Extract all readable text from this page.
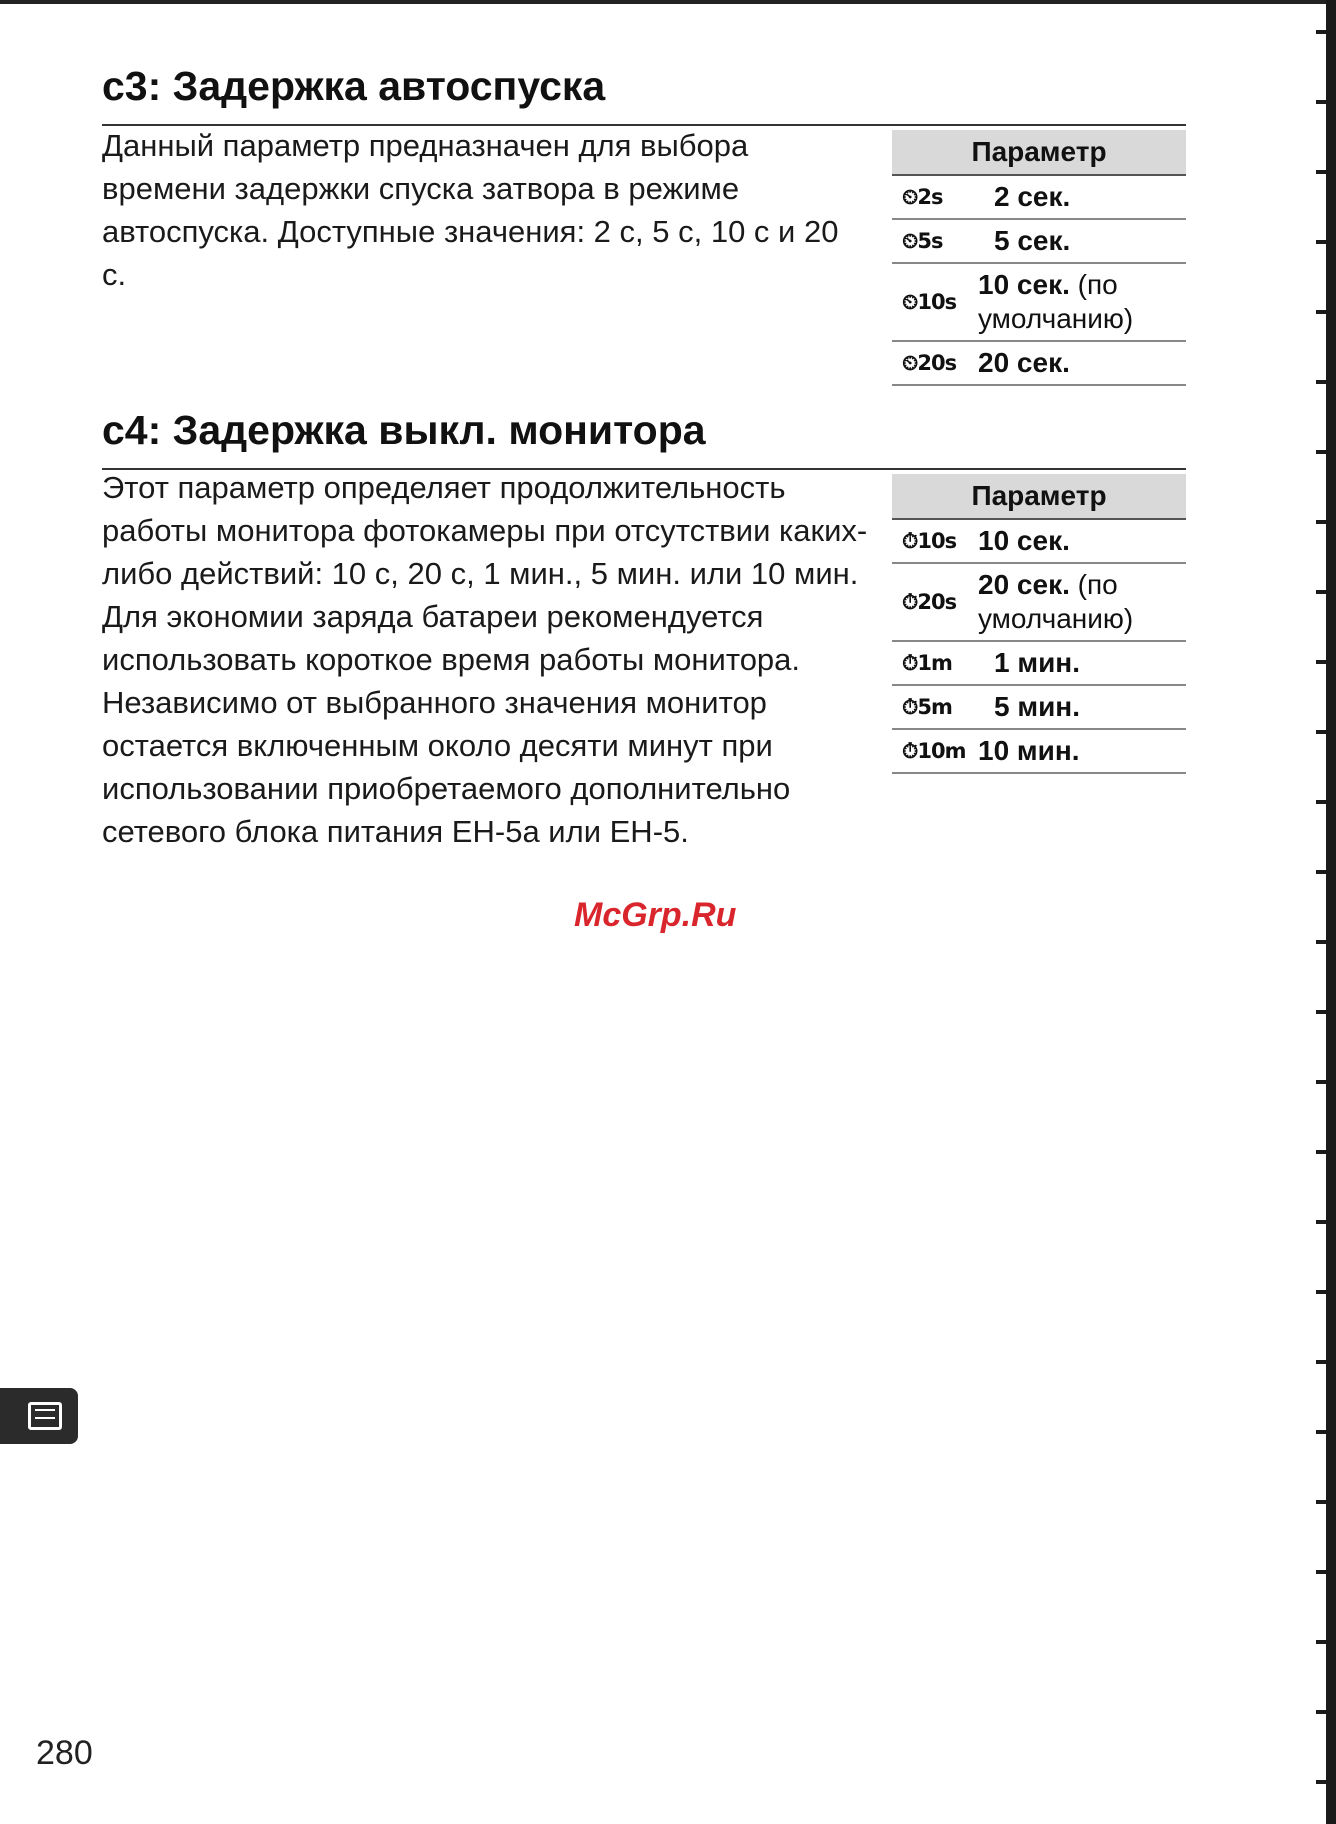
c3: Задержка автоспуска

Данный параметр предназначен для выбора времени задержки спуска затвора в режиме автоспуска. Доступные значения: 2 с, 5 с, 10 с и 20 с.

Параметр	
⏲2s	2 сек.
⏲5s	5 сек.
⏲10s	10 сек. (по умолчанию)
⏲20s	20 сек.
c4: Задержка выкл. монитора

Этот параметр определяет продолжительность работы монитора фотокамеры при отсутствии каких-либо действий: 10 с, 20 с, 1 мин., 5 мин. или 10 мин. Для экономии заряда батареи рекомендуется использовать короткое время работы монитора. Независимо от выбранного значения монитор остается включенным около десяти минут при использовании приобретаемого дополнительно сетевого блока питания EH-5a или EH-5.

Параметр	
⏱10s	10 сек.
⏱20s	20 сек. (по умолчанию)
⏱1m	1 мин.
⏱5m	5 мин.
⏱10m	10 мин.
McGrp.Ru
280
